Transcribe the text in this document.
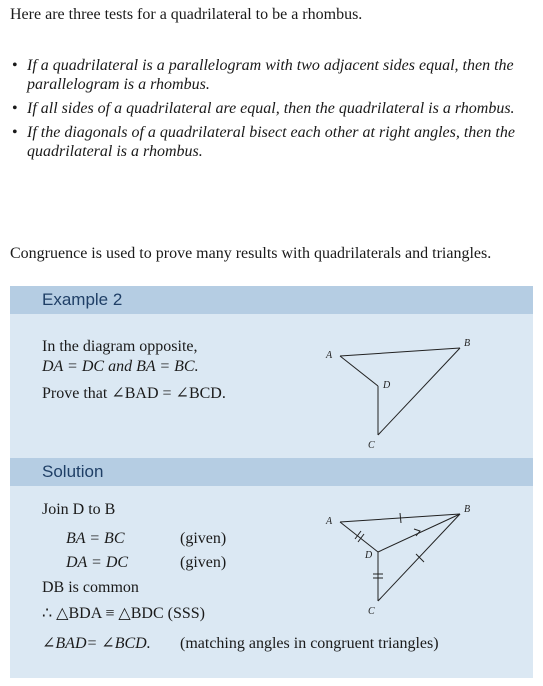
Here are three tests for a quadrilateral to be a rhombus.
• If a quadrilateral is a parallelogram with two adjacent sides equal, then the parallelogram is a rhombus.
• If all sides of a quadrilateral are equal, then the quadrilateral is a rhombus.
• If the diagonals of a quadrilateral bisect each other at right angles, then the quadrilateral is a rhombus.
Congruence is used to prove many results with quadrilaterals and triangles.
Example 2
In the diagram opposite,
DA = DC and BA = BC.
Prove that ∠BAD = ∠BCD.
A
B
C
D
Solution
Join D to B
BA = BC	(given)
DA = DC	(given)
DB is common
∴ △BDA ≡ △BDC (SSS)
∠BAD= ∠BCD. (matching angles in congruent triangles)
A
B
C
D
